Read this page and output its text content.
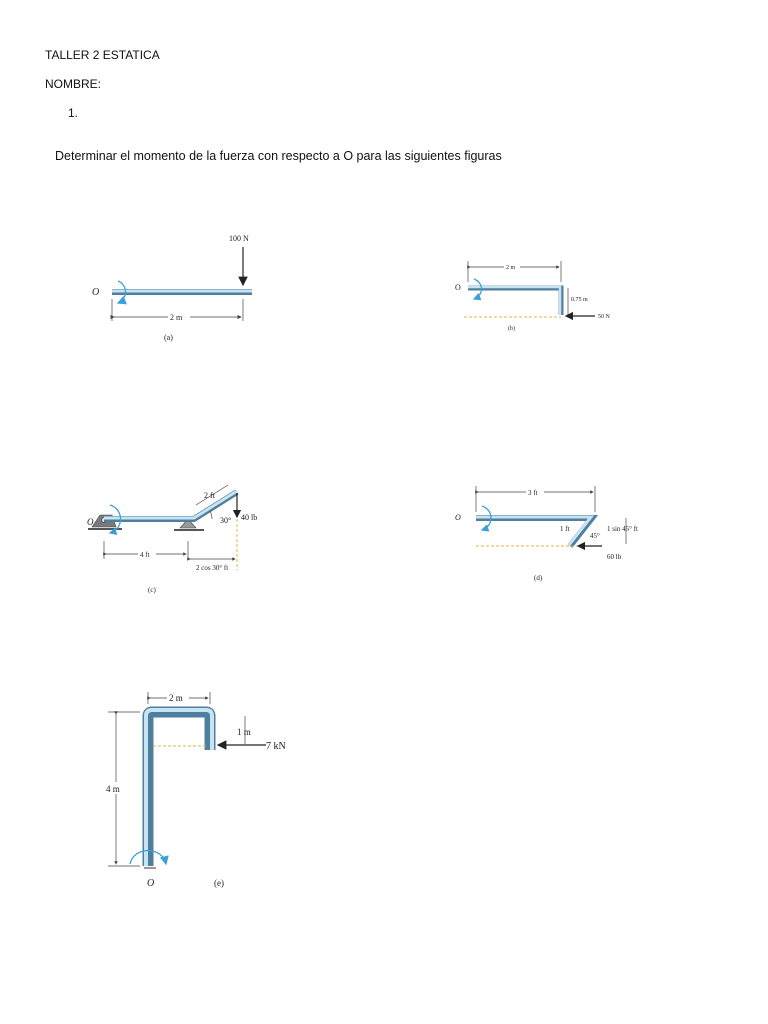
TALLER 2 ESTATICA
NOMBRE:
1.
Determinar el momento de la fuerza con respecto a O para las siguientes figuras
O
100 N
2 m
(a)
O
2 m
0.75 m
50 N
(b)
O	40 lb
2 ft
30°
4 ft
2 cos 30° ft
(c)
O
3 ft
1 ft
45°
60 lb
1 sin 45° ft
(d)
2 m
4 m
1 m
7 kN
O	(e)
